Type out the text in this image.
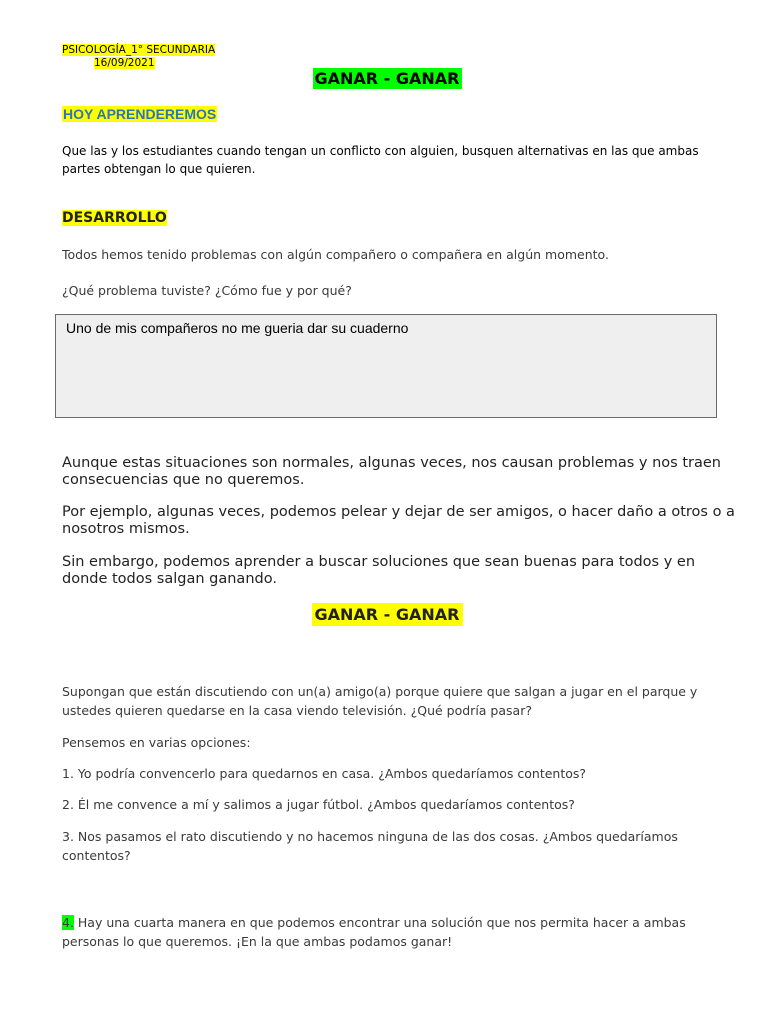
PSICOLOGÍA_1° SECUNDARIA
16/09/2021
GANAR - GANAR
HOY APRENDEREMOS
Que las y los estudiantes cuando tengan un conflicto con alguien, busquen alternativas en las que ambas partes obtengan lo que quieren.
DESARROLLO
Todos hemos tenido problemas con algún compañero o compañera en algún momento.
¿Qué problema tuviste? ¿Cómo fue y por qué?
Uno de mis compañeros no me gueria dar su cuaderno
Aunque estas situaciones son normales, algunas veces, nos causan problemas y nos traen consecuencias que no queremos.
Por ejemplo, algunas veces, podemos pelear y dejar de ser amigos, o hacer daño a otros o a nosotros mismos.
Sin embargo, podemos aprender a buscar soluciones que sean buenas para todos y en donde todos salgan ganando.
GANAR - GANAR
Supongan que están discutiendo con un(a) amigo(a) porque quiere que salgan a jugar en el parque y ustedes quieren quedarse en la casa viendo televisión. ¿Qué podría pasar?
Pensemos en varias opciones:
1. Yo podría convencerlo para quedarnos en casa. ¿Ambos quedaríamos contentos?
2. Él me convence a mí y salimos a jugar fútbol. ¿Ambos quedaríamos contentos?
3. Nos pasamos el rato discutiendo y no hacemos ninguna de las dos cosas. ¿Ambos quedaríamos contentos?
4. Hay una cuarta manera en que podemos encontrar una solución que nos permita hacer a ambas personas lo que queremos. ¡En la que ambas podamos ganar!
